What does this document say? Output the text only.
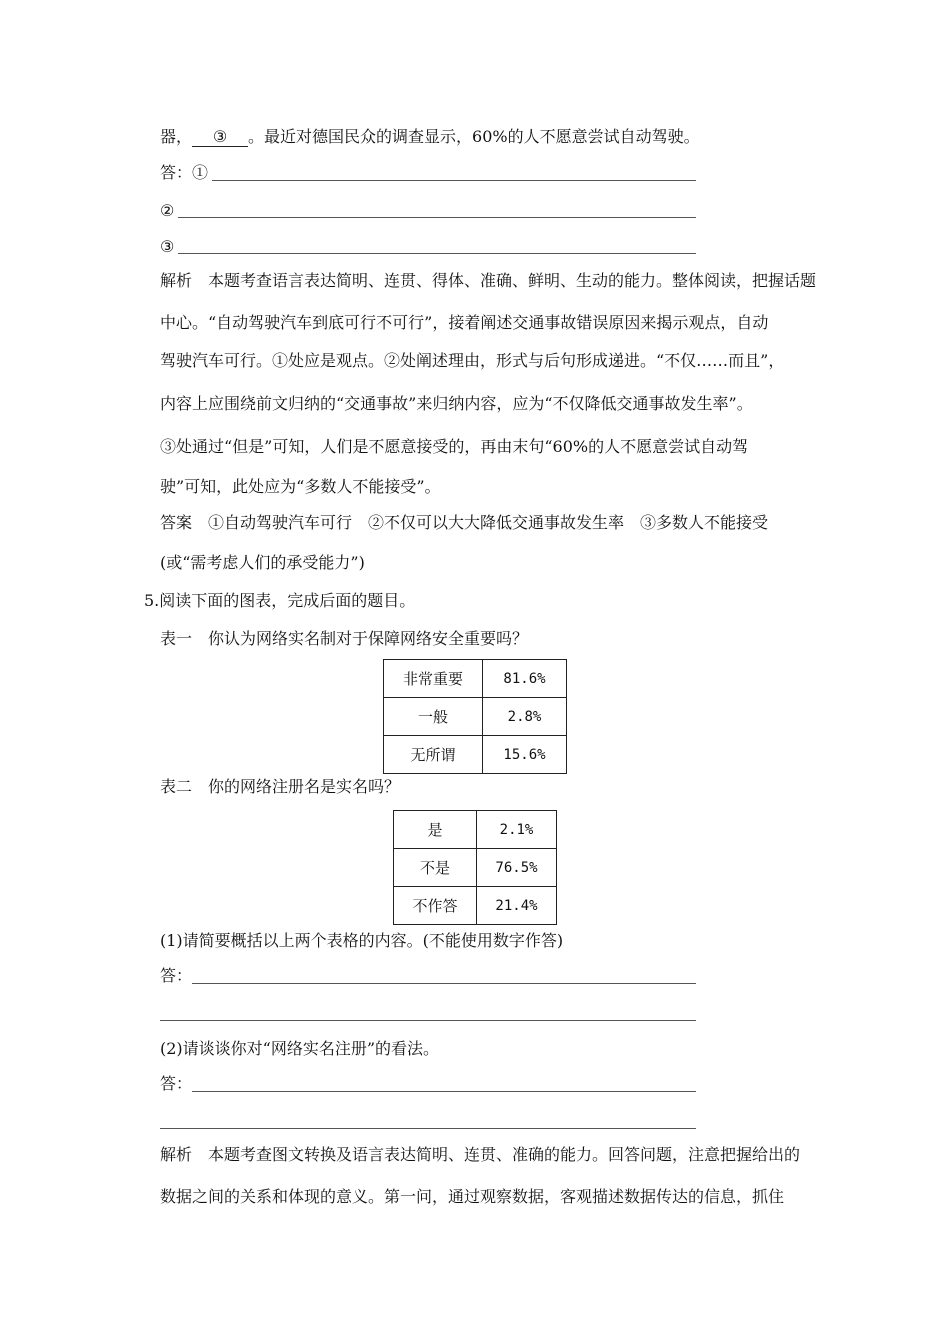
器， ③ 。最近对德国民众的调查显示，60%的人不愿意尝试自动驾驶。
答：①
②
③
解析　本题考查语言表达简明、连贯、得体、准确、鲜明、生动的能力。整体阅读，把握话题
中心。“自动驾驶汽车到底可行不可行”，接着阐述交通事故错误原因来揭示观点，自动
驾驶汽车可行。①处应是观点。②处阐述理由，形式与后句形成递进。“不仅……而且”，
内容上应围绕前文归纳的“交通事故”来归纳内容，应为“不仅降低交通事故发生率”。
③处通过“但是”可知，人们是不愿意接受的，再由末句“60%的人不愿意尝试自动驾
驶”可知，此处应为“多数人不能接受”。
答案　①自动驾驶汽车可行　②不仅可以大大降低交通事故发生率　③多数人不能接受
(或“需考虑人们的承受能力”)
5.阅读下面的图表，完成后面的题目。
表一　你认为网络实名制对于保障网络安全重要吗？
非常重要	81.6%
一般	2.8%
无所谓	15.6%
表二　你的网络注册名是实名吗？
是	2.1%
不是	76.5%
不作答	21.4%
(1)请简要概括以上两个表格的内容。(不能使用数字作答)
答：
(2)请谈谈你对“网络实名注册”的看法。
答：
解析　本题考查图文转换及语言表达简明、连贯、准确的能力。回答问题，注意把握给出的
数据之间的关系和体现的意义。第一问，通过观察数据，客观描述数据传达的信息，抓住
